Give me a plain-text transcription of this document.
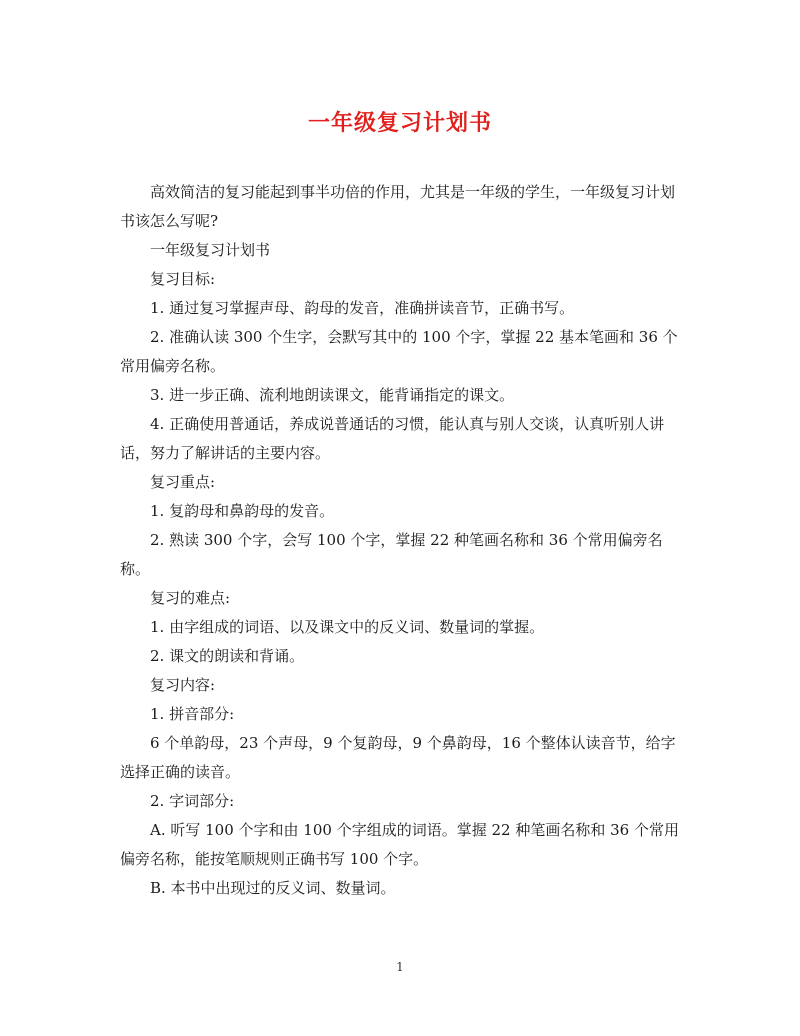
一年级复习计划书

高效简洁的复习能起到事半功倍的作用，尤其是一年级的学生，一年级复习计划书该怎么写呢?

一年级复习计划书

复习目标:

1. 通过复习掌握声母、韵母的发音，准确拼读音节，正确书写。

2. 准确认读 300 个生字，会默写其中的 100 个字，掌握 22 基本笔画和 36 个常用偏旁名称。

3. 进一步正确、流利地朗读课文，能背诵指定的课文。

4. 正确使用普通话，养成说普通话的习惯，能认真与别人交谈，认真听别人讲话，努力了解讲话的主要内容。

复习重点:

1. 复韵母和鼻韵母的发音。

2. 熟读 300 个字，会写 100 个字，掌握 22 种笔画名称和 36 个常用偏旁名称。

复习的难点:

1. 由字组成的词语、以及课文中的反义词、数量词的掌握。

2. 课文的朗读和背诵。

复习内容:

1. 拼音部分:

6 个单韵母，23 个声母，9 个复韵母，9 个鼻韵母，16 个整体认读音节，给字选择正确的读音。

2. 字词部分:

A. 听写 100 个字和由 100 个字组成的词语。掌握 22 种笔画名称和 36 个常用偏旁名称，能按笔顺规则正确书写 100 个字。

B. 本书中出现过的反义词、数量词。

1
